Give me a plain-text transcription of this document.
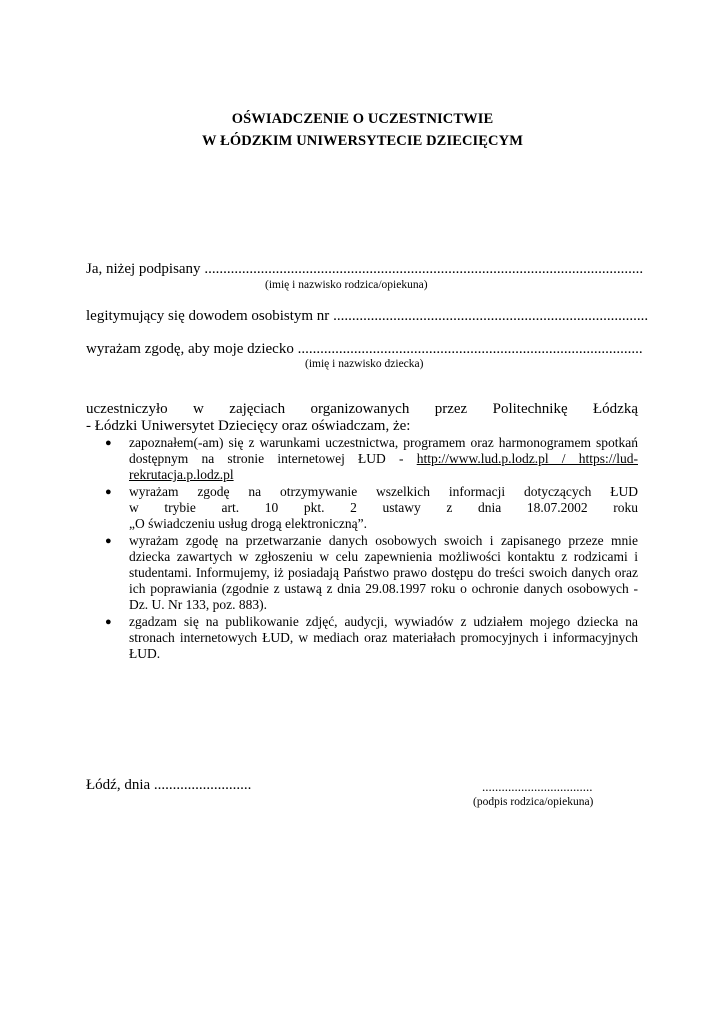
OŚWIADCZENIE O UCZESTNICTWIE
W ŁÓDZKIM UNIWERSYTECIE DZIECIĘCYM
Ja, niżej podpisany .....................................................................................................................
(imię i nazwisko rodzica/opiekuna)
legitymujący się dowodem osobistym nr ....................................................................................
wyrażam zgodę, aby moje dziecko ............................................................................................
(imię i nazwisko dziecka)
uczestniczyło w zajęciach organizowanych przez Politechnikę Łódzką
- Łódzki Uniwersytet Dziecięcy oraz oświadczam, że:
● zapoznałem(-am) się z warunkami uczestnictwa, programem oraz harmonogramem spotkań dostępnym na stronie internetowej ŁUD - http://www.lud.p.lodz.pl / https://lud-rekrutacja.p.lodz.pl
● wyrażam zgodę na otrzymywanie wszelkich informacji dotyczących ŁUD
w trybie art. 10 pkt. 2 ustawy z dnia 18.07.2002 roku
„O świadczeniu usług drogą elektroniczną”.
● wyrażam zgodę na przetwarzanie danych osobowych swoich i zapisanego przeze mnie dziecka zawartych w zgłoszeniu w celu zapewnienia możliwości kontaktu z rodzicami i studentami. Informujemy, iż posiadają Państwo prawo dostępu do treści swoich danych oraz ich poprawiania (zgodnie z ustawą z dnia 29.08.1997 roku o ochronie danych osobowych - Dz. U. Nr 133, poz. 883).
● zgadzam się na publikowanie zdjęć, audycji, wywiadów z udziałem mojego dziecka na stronach internetowych ŁUD, w mediach oraz materiałach promocyjnych i informacyjnych ŁUD.
Łódź, dnia ..........................	..................................
(podpis rodzica/opiekuna)
